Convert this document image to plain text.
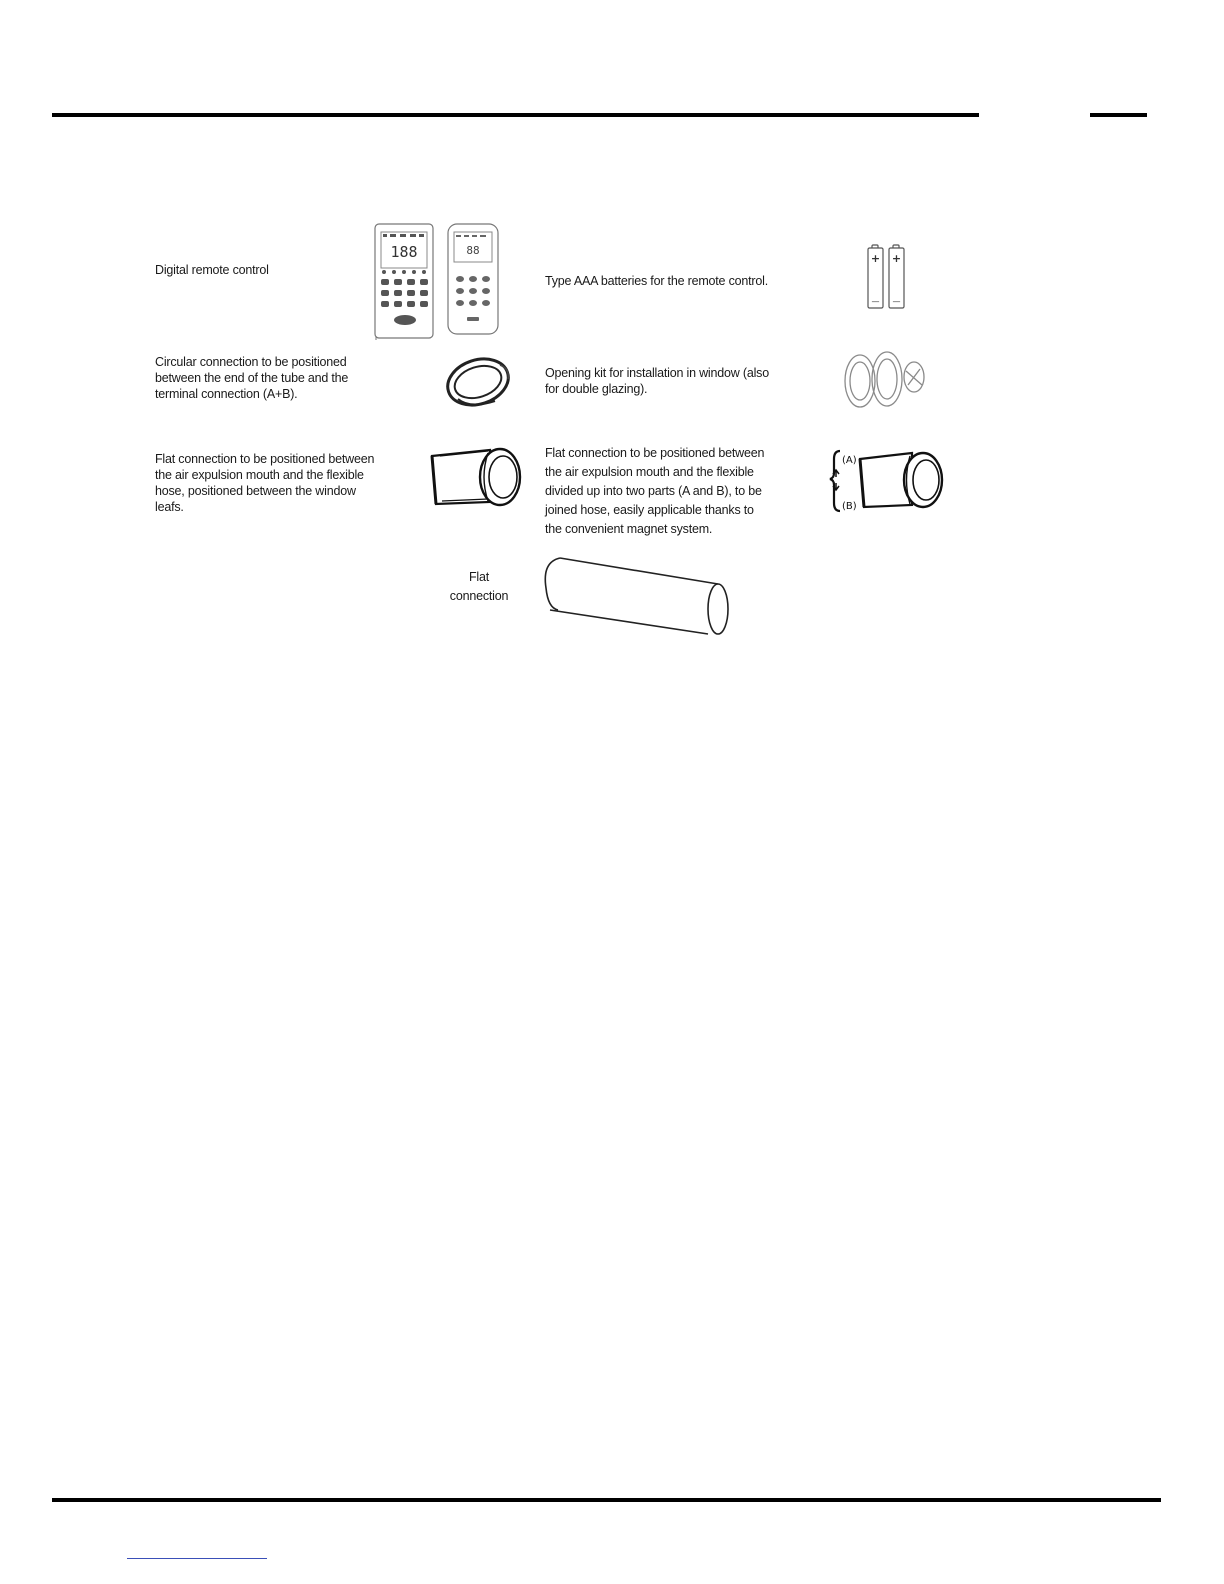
Digital remote control
188	88
Type AAA batteries for the remote control.
+ +
— —
Circular connection to be positioned
between the end of the tube and the
terminal connection (A+B).
Opening kit for installation in window (also
for double glazing).
Flat connection to be positioned between
the air expulsion mouth and the flexible
hose, positioned between the window
leafs.
Flat connection to be positioned between
the air expulsion mouth and the flexible
divided up into two parts (A and B), to be
joined hose, easily applicable thanks to
the convenient magnet system.
(A)
(B)
Flat
connection
